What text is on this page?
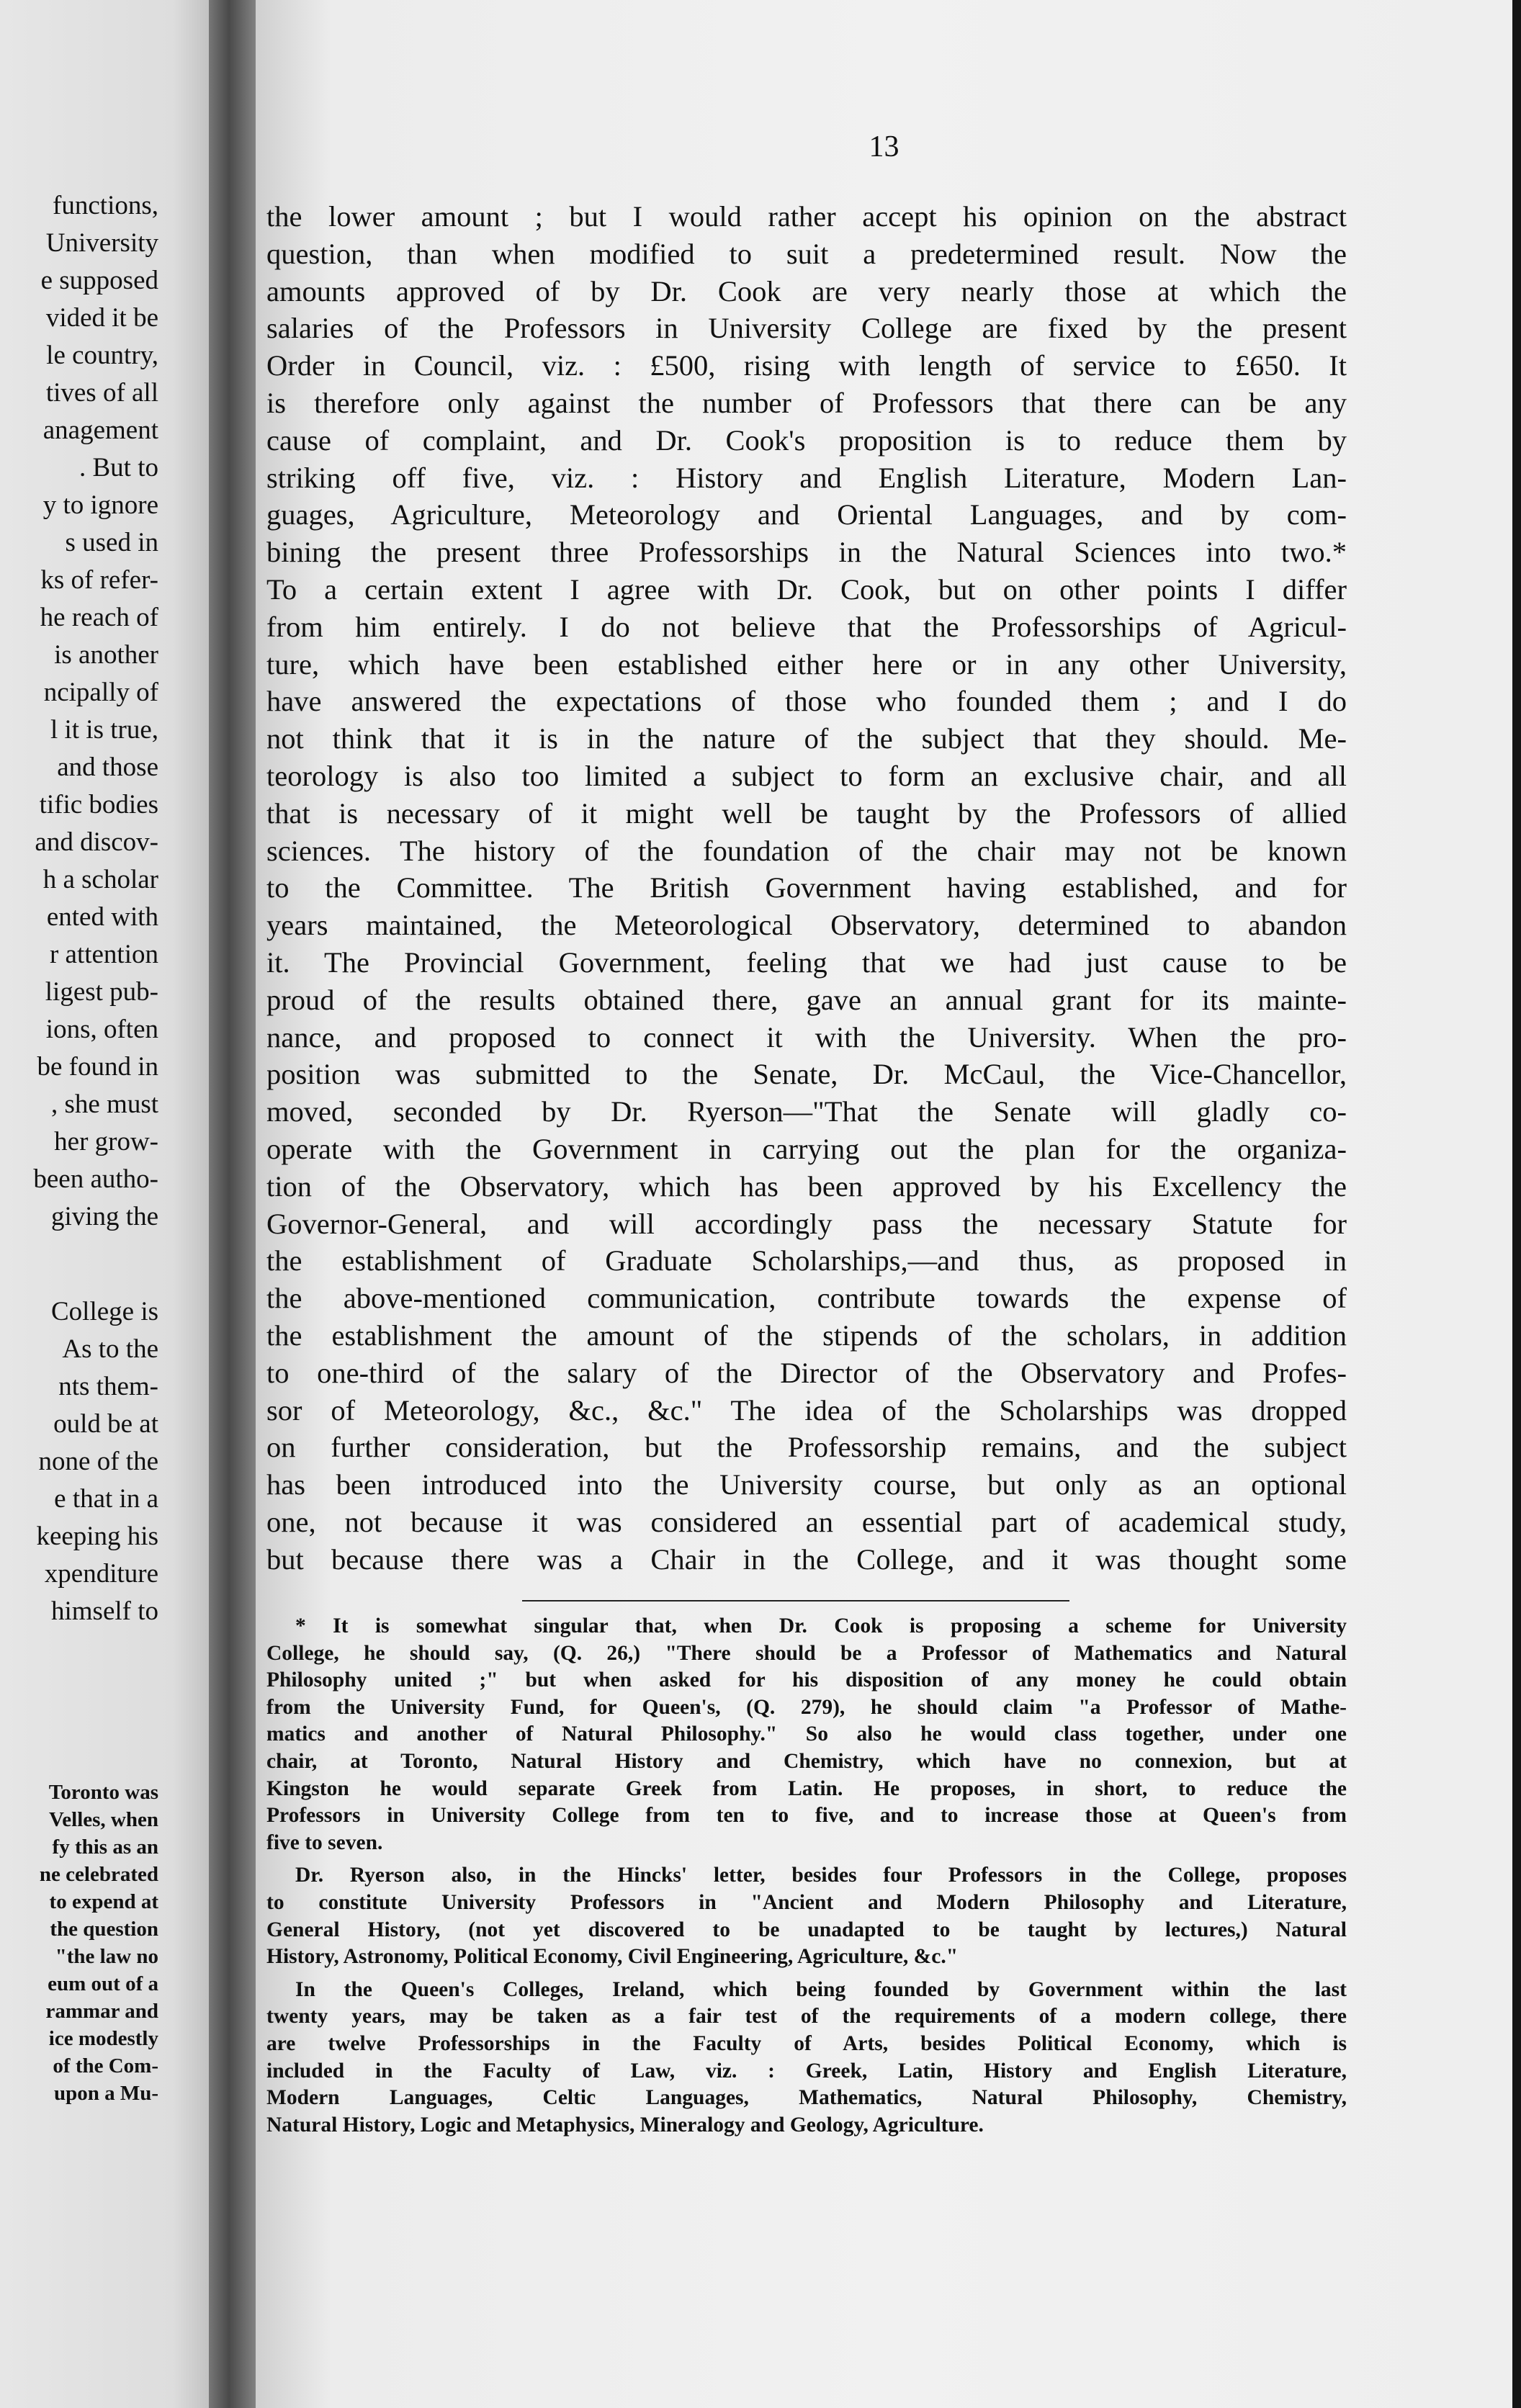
functions,
University
e supposed
vided it be
le country,
tives of all
anagement
. But to
y to ignore
s used in
ks of refer-
he reach of
is another
ncipally of
l it is true,
and those
tific bodies
and discov-
h a scholar
ented with
r attention
ligest pub-
ions, often
be found in
, she must
her grow-
been autho-
giving the
College is
As to the
nts them-
ould be at
none of the
e that in a
keeping his
xpenditure
himself to
Toronto was
Velles, when
fy this as an
ne celebrated
to expend at
the question
"the law no
eum out of a
rammar and
ice modestly
of the Com-
upon a Mu-
13
the lower amount ; but I would rather accept his opinion on the abstract
question, than when modified to suit a predetermined result. Now the
amounts approved of by Dr. Cook are very nearly those at which the
salaries of the Professors in University College are fixed by the present
Order in Council, viz. : £500, rising with length of service to £650. It
is therefore only against the number of Professors that there can be any
cause of complaint, and Dr. Cook's proposition is to reduce them by
striking off five, viz. : History and English Literature, Modern Lan-
guages, Agriculture, Meteorology and Oriental Languages, and by com-
bining the present three Professorships in the Natural Sciences into two.*
To a certain extent I agree with Dr. Cook, but on other points I differ
from him entirely. I do not believe that the Professorships of Agricul-
ture, which have been established either here or in any other University,
have answered the expectations of those who founded them ; and I do
not think that it is in the nature of the subject that they should. Me-
teorology is also too limited a subject to form an exclusive chair, and all
that is necessary of it might well be taught by the Professors of allied
sciences. The history of the foundation of the chair may not be known
to the Committee. The British Government having established, and for
years maintained, the Meteorological Observatory, determined to abandon
it. The Provincial Government, feeling that we had just cause to be
proud of the results obtained there, gave an annual grant for its mainte-
nance, and proposed to connect it with the University. When the pro-
position was submitted to the Senate, Dr. McCaul, the Vice-Chancellor,
moved, seconded by Dr. Ryerson—"That the Senate will gladly co-
operate with the Government in carrying out the plan for the organiza-
tion of the Observatory, which has been approved by his Excellency the
Governor-General, and will accordingly pass the necessary Statute for
the establishment of Graduate Scholarships,—and thus, as proposed in
the above-mentioned communication, contribute towards the expense of
the establishment the amount of the stipends of the scholars, in addition
to one-third of the salary of the Director of the Observatory and Profes-
sor of Meteorology, &c., &c." The idea of the Scholarships was dropped
on further consideration, but the Professorship remains, and the subject
has been introduced into the University course, but only as an optional
one, not because it was considered an essential part of academical study,
but because there was a Chair in the College, and it was thought some
* It is somewhat singular that, when Dr. Cook is proposing a scheme for University
College, he should say, (Q. 26,) "There should be a Professor of Mathematics and Natural
Philosophy united ;" but when asked for his disposition of any money he could obtain
from the University Fund, for Queen's, (Q. 279), he should claim "a Professor of Mathe-
matics and another of Natural Philosophy." So also he would class together, under one
chair, at Toronto, Natural History and Chemistry, which have no connexion, but at
Kingston he would separate Greek from Latin. He proposes, in short, to reduce the
Professors in University College from ten to five, and to increase those at Queen's from
five to seven.
Dr. Ryerson also, in the Hincks' letter, besides four Professors in the College, proposes
to constitute University Professors in "Ancient and Modern Philosophy and Literature,
General History, (not yet discovered to be unadapted to be taught by lectures,) Natural
History, Astronomy, Political Economy, Civil Engineering, Agriculture, &c."
In the Queen's Colleges, Ireland, which being founded by Government within the last
twenty years, may be taken as a fair test of the requirements of a modern college, there
are twelve Professorships in the Faculty of Arts, besides Political Economy, which is
included in the Faculty of Law, viz. : Greek, Latin, History and English Literature,
Modern Languages, Celtic Languages, Mathematics, Natural Philosophy, Chemistry,
Natural History, Logic and Metaphysics, Mineralogy and Geology, Agriculture.
